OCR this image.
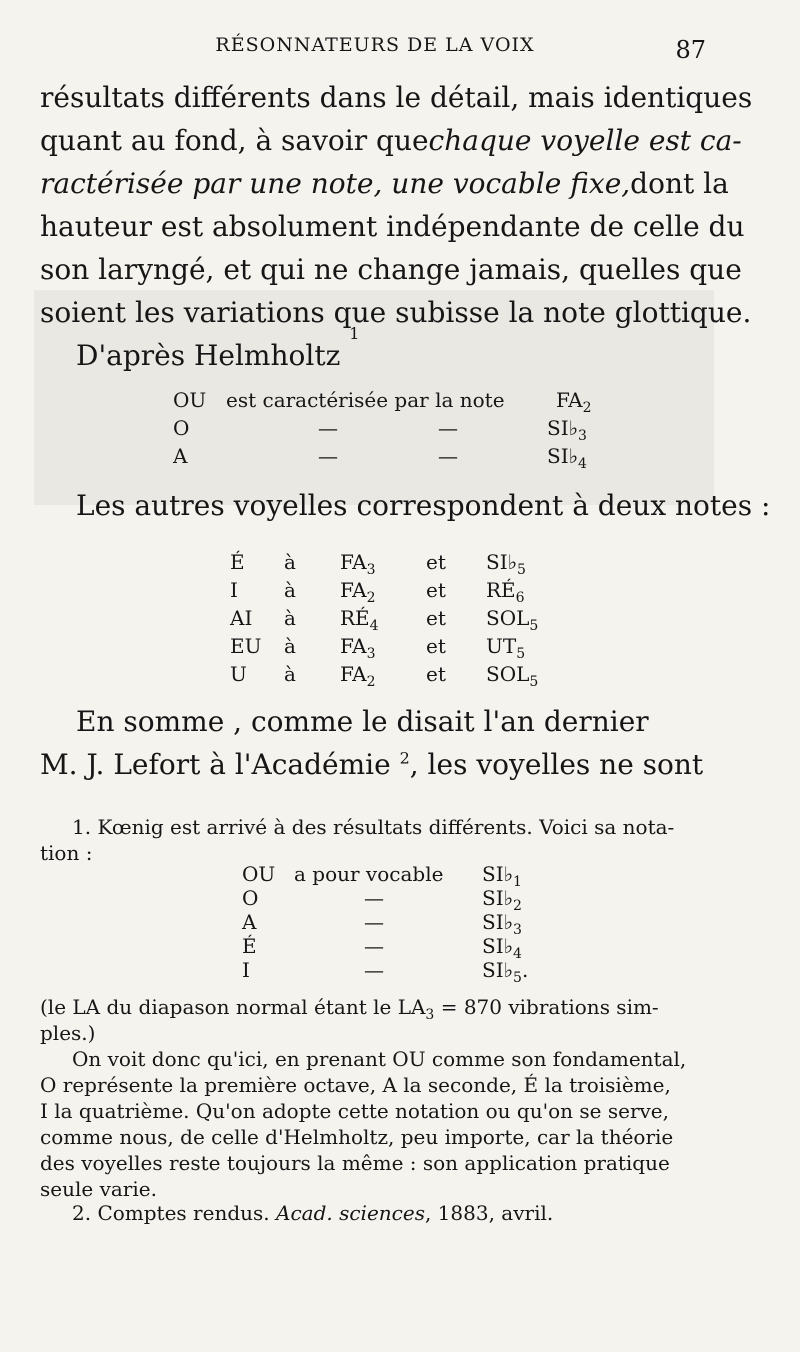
RÉSONNATEURS DE LA VOIX	87
résultats différents dans le détail, mais identiques
quant au fond, à savoir que chaque voyelle est ca-
ractérisée par une note, une vocable fixe, dont la
hauteur est absolument indépendante de celle du
son laryngé, et qui ne change jamais, quelles que
soient les variations que subisse la note glottique.
D'après Helmholtz

1
OU est caractérisée par la note	$FA_2$
O	—	—	$SI♭_3$
A	—	—	$SI♭_4$
Les autres voyelles correspondent à deux notes :
É à $FA_3$	et $SI♭_5$
I à $FA_2$	et $RÉ_6$
AI à $RÉ_4$ et $SOL_5$
EU à $FA_3$	et $UT_5$
U à $FA_2$	et $SOL_5$
En somme , comme le disait l'an dernier
M. J. Lefort à l'Académie $^2$, les voyelles ne sont
1. Kœnig est arrivé à des résultats différents. Voici sa nota-
tion :
OU a pour vocable $SI♭_1$
O	—	$SI♭_2$
A	—	$SI♭_3$
É	—	$SI♭_4$
I	—	$SI♭_5$.
(le LA du diapason normal étant le $LA_3 = 870$ vibrations sim-
ples.)
On voit donc qu'ici, en prenant OU comme son fondamental,
O représente la première octave, A la seconde, É la troisième,
I la quatrième. Qu'on adopte cette notation ou qu'on se serve,
comme nous, de celle d'Helmholtz, peu importe, car la théorie
des voyelles reste toujours la même : son application pratique
seule varie.
2. Comptes rendus.
Acad. sciences , 1883, avril.
